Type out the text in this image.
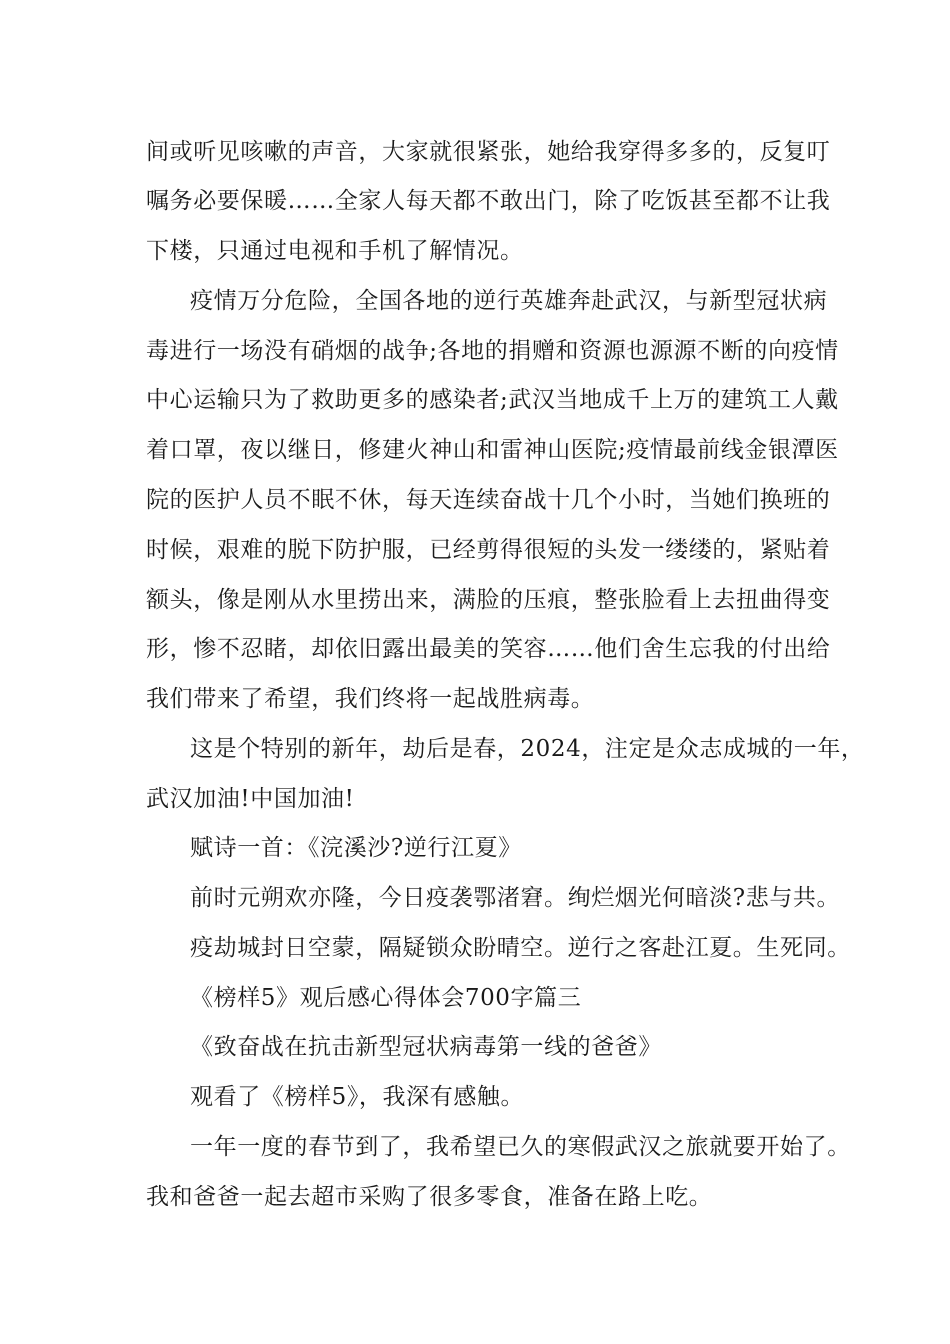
间或听见咳嗽的声音，大家就很紧张，她给我穿得多多的，反复叮
嘱务必要保暖……全家人每天都不敢出门，除了吃饭甚至都不让我
下楼，只通过电视和手机了解情况。
疫情万分危险，全国各地的逆行英雄奔赴武汉，与新型冠状病
毒进行一场没有硝烟的战争;各地的捐赠和资源也源源不断的向疫情
中心运输只为了救助更多的感染者;武汉当地成千上万的建筑工人戴
着口罩，夜以继日，修建火神山和雷神山医院;疫情最前线金银潭医
院的医护人员不眠不休，每天连续奋战十几个小时，当她们换班的
时候，艰难的脱下防护服，已经剪得很短的头发一缕缕的，紧贴着
额头，像是刚从水里捞出来，满脸的压痕，整张脸看上去扭曲得变
形，惨不忍睹，却依旧露出最美的笑容……他们舍生忘我的付出给
我们带来了希望，我们终将一起战胜病毒。
这是个特别的新年，劫后是春，2024，注定是众志成城的一年，
武汉加油!中国加油!
赋诗一首：《浣溪沙?逆行江夏》
前时元朔欢亦隆，今日疫袭鄂渚窘。绚烂烟光何暗淡?悲与共。
疫劫城封日空蒙，隔疑锁众盼晴空。逆行之客赴江夏。生死同。
《榜样5》观后感心得体会700字篇三
《致奋战在抗击新型冠状病毒第一线的爸爸》
观看了《榜样5》，我深有感触。
一年一度的春节到了，我希望已久的寒假武汉之旅就要开始了。
我和爸爸一起去超市采购了很多零食，准备在路上吃。
